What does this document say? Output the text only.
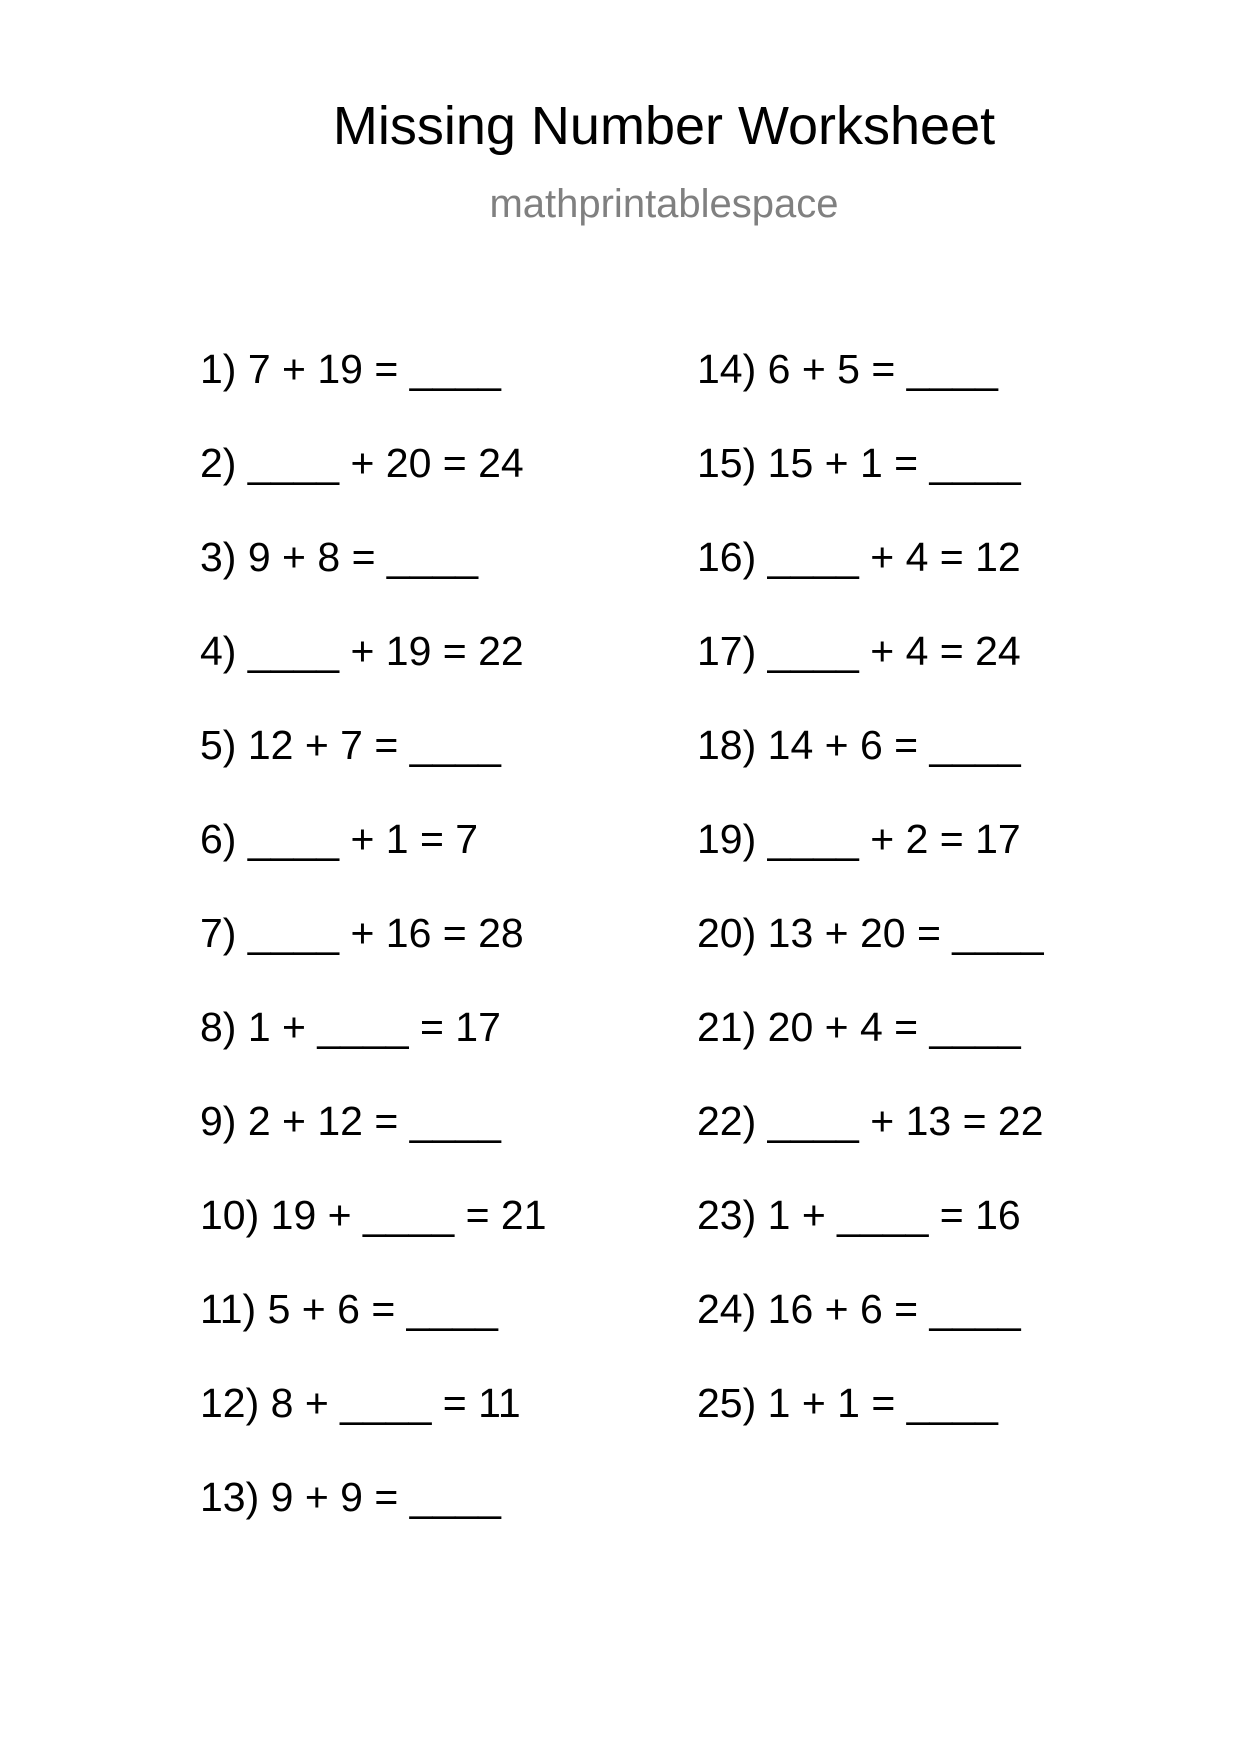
Missing Number Worksheet
mathprintablespace
1) 7 + 19 = ____
2) ____ + 20 = 24
3) 9 + 8 = ____
4) ____ + 19 = 22
5) 12 + 7 = ____
6) ____ + 1 = 7
7) ____ + 16 = 28
8) 1 + ____ = 17
9) 2 + 12 = ____
10) 19 + ____ = 21
11) 5 + 6 = ____
12) 8 + ____ = 11
13) 9 + 9 = ____
14) 6 + 5 = ____
15) 15 + 1 = ____
16) ____ + 4 = 12
17) ____ + 4 = 24
18) 14 + 6 = ____
19) ____ + 2 = 17
20) 13 + 20 = ____
21) 20 + 4 = ____
22) ____ + 13 = 22
23) 1 + ____ = 16
24) 16 + 6 = ____
25) 1 + 1 = ____
